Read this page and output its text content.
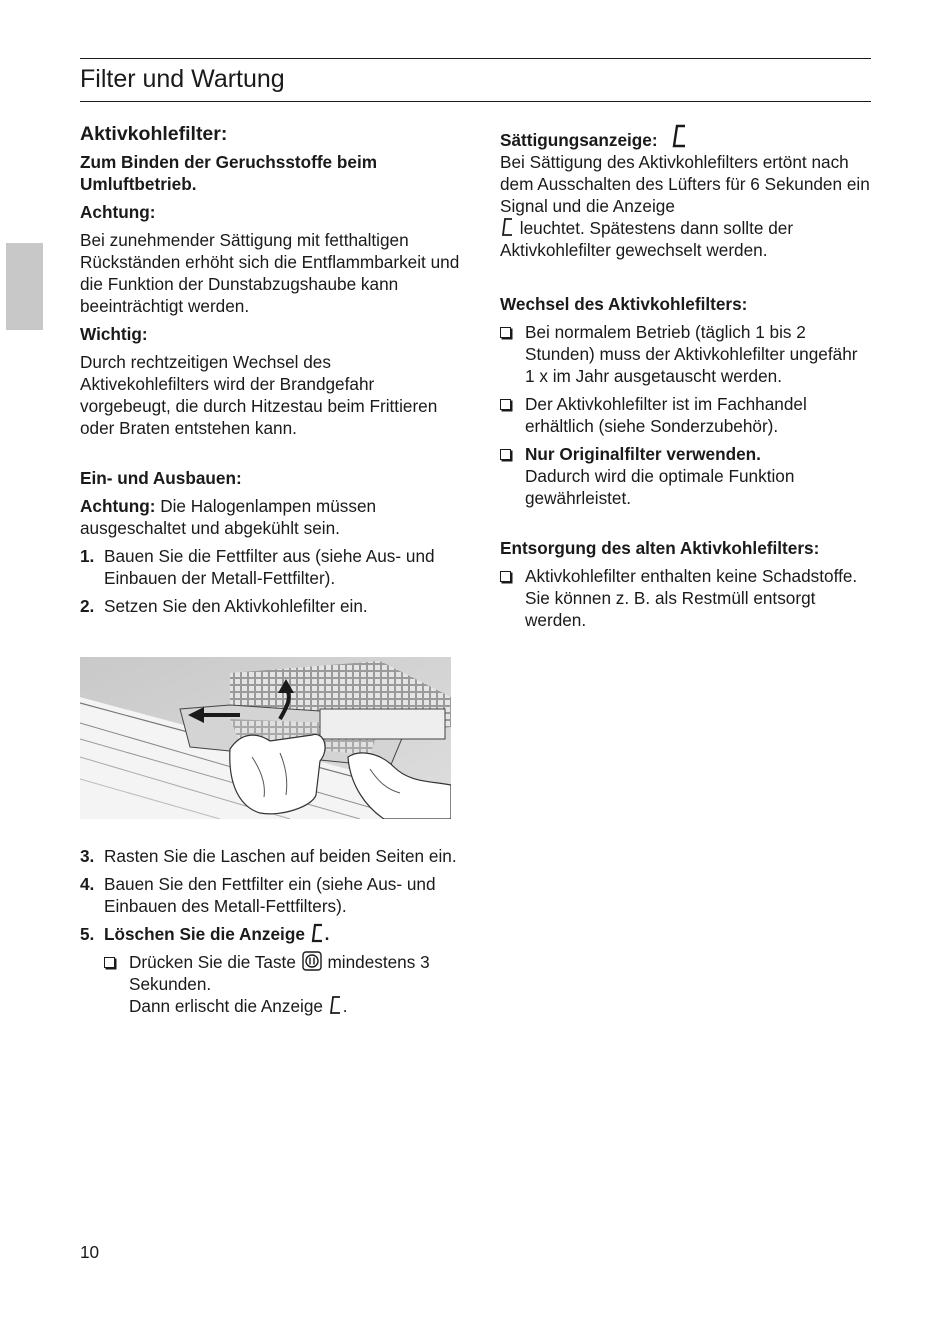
Filter und Wartung

Aktivkohlefilter:

Zum Binden der Geruchsstoffe beim Umluftbetrieb.

Achtung:

Bei zunehmender Sättigung mit fetthaltigen Rückständen erhöht sich die Entflammbarkeit und die Funktion der Dunstabzugshaube kann beeinträchtigt werden.

Wichtig:

Durch rechtzeitigen Wechsel des Aktivekohlefilters wird der Brandgefahr vorgebeugt, die durch Hitzestau beim Frittieren oder Braten entstehen kann.

Ein- und Ausbauen:

Achtung: Die Halogenlampen müssen ausgeschaltet und abgekühlt sein.

1. Bauen Sie die Fettfilter aus (siehe Aus- und Einbauen der Metall-Fettfilter).
2. Setzen Sie den Aktivkohlefilter ein.
3. Rasten Sie die Laschen auf beiden Seiten ein.
4. Bauen Sie den Fettfilter ein (siehe Aus- und Einbauen des Metall-Fettfilters).
5. Löschen Sie die Anzeige .
Drücken Sie die Taste mindestens 3 Sekunden.
Dann erlischt die Anzeige .

Sättigungsanzeige:

Bei Sättigung des Aktivkohlefilters ertönt nach dem Ausschalten des Lüfters für 6 Sekunden ein Signal und die Anzeige
leuchtet. Spätestens dann sollte der Aktivkohlefilter gewechselt werden.

Wechsel des Aktivkohlefilters:

Bei normalem Betrieb (täglich 1 bis 2 Stunden) muss der Aktivkohlefilter ungefähr 1 x im Jahr ausgetauscht werden.
Der Aktivkohlefilter ist im Fachhandel erhältlich (siehe Sonderzubehör).
Nur Originalfilter verwenden.
Dadurch wird die optimale Funktion gewährleistet.

Entsorgung des alten Aktivkohlefilters:

Aktivkohlefilter enthalten keine Schadstoffe. Sie können z. B. als Restmüll entsorgt werden.
10
